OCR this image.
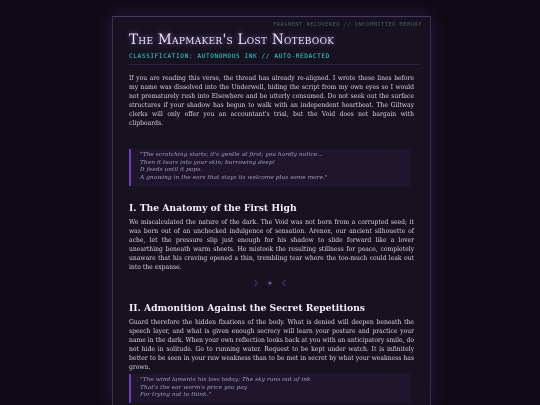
FRAGMENT RECOVERED // UNCOMMITTED MEMORY
The Mapmaker's Lost Notebook
CLASSIFICATION: AUTONOMOUS INK // AUTO-REDACTED

If you are reading this verse, the thread has already re-aligned. I wrote these lines before my name was dissolved into the Underwell, hiding the script from my own eyes so I would not prematurely rush into Elsewhere and be utterly consumed. Do not seek out the surface structures if your shadow has begun to walk with an independent heartbeat. The Giltway clerks will only offer you an accountant's trial, but the Void does not bargain with clipboards.

"The scratching starts; it's gentle at first; you hardly notice...
Then it tears into your skin; burrowing deep!
It feeds until it pops.
A gnawing in the ears that stays its welcome plus some more."
I. The Anatomy of the First High

We miscalculated the nature of the dark. The Void was not born from a corrupted seed; it was born out of an unchecked indulgence of sensation. Arenox, our ancient silhouette of ache, let the pressure slip just enough for his shadow to slide forward like a lover unearthing beneath warm sheets. He mistook the resulting stillness for peace, completely unaware that his craving opened a thin, trembling tear where the too-much could leak out into the expanse.

☽ ✶ ☾
II. Admonition Against the Secret Repetitions

Guard therefore the hidden fixations of the body. What is denied will deepen beneath the speech layer, and what is given enough secrecy will learn your posture and practice your name in the dark. When your own reflection looks back at you with an anticipatory smile, do not hide in solitude. Go to running water. Request to be kept under watch. It is infinitely better to be seen in your raw weakness than to be met in secret by what your weakness has grown.

"The wind laments his loss today; The sky runs out of ink
That's the ear worm's price you pay
For trying not to think."
